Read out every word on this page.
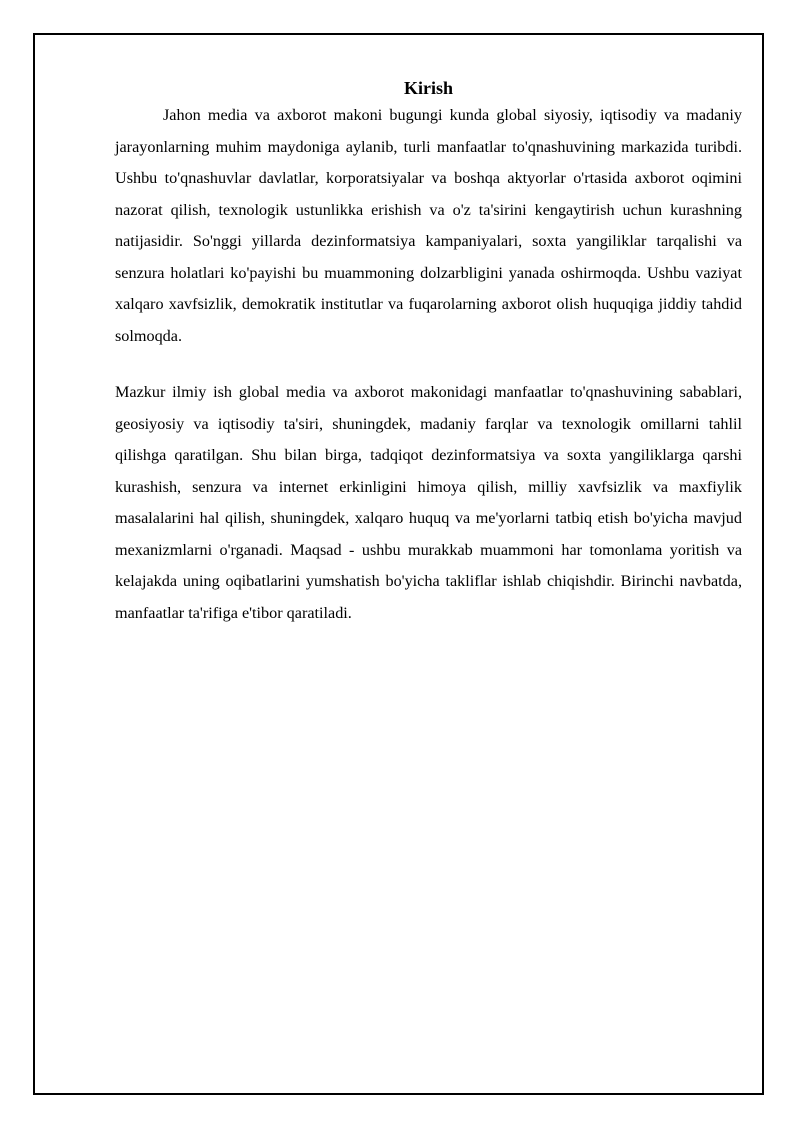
Kirish

Jahon media va axborot makoni bugungi kunda global siyosiy, iqtisodiy va madaniy jarayonlarning muhim maydoniga aylanib, turli manfaatlar to'qnashuvining markazida turibdi. Ushbu to'qnashuvlar davlatlar, korporatsiyalar va boshqa aktyorlar o'rtasida axborot oqimini nazorat qilish, texnologik ustunlikka erishish va o'z ta'sirini kengaytirish uchun kurashning natijasidir. So'nggi yillarda dezinformatsiya kampaniyalari, soxta yangiliklar tarqalishi va senzura holatlari ko'payishi bu muammoning dolzarbligini yanada oshirmoqda. Ushbu vaziyat xalqaro xavfsizlik, demokratik institutlar va fuqarolarning axborot olish huquqiga jiddiy tahdid solmoqda.

Mazkur ilmiy ish global media va axborot makonidagi manfaatlar to'qnashuvining sabablari, geosiyosiy va iqtisodiy ta'siri, shuningdek, madaniy farqlar va texnologik omillarni tahlil qilishga qaratilgan. Shu bilan birga, tadqiqot dezinformatsiya va soxta yangiliklarga qarshi kurashish, senzura va internet erkinligini himoya qilish, milliy xavfsizlik va maxfiylik masalalarini hal qilish, shuningdek, xalqaro huquq va me'yorlarni tatbiq etish bo'yicha mavjud mexanizmlarni o'rganadi. Maqsad - ushbu murakkab muammoni har tomonlama yoritish va kelajakda uning oqibatlarini yumshatish bo'yicha takliflar ishlab chiqishdir. Birinchi navbatda, manfaatlar ta'rifiga e'tibor qaratiladi.
